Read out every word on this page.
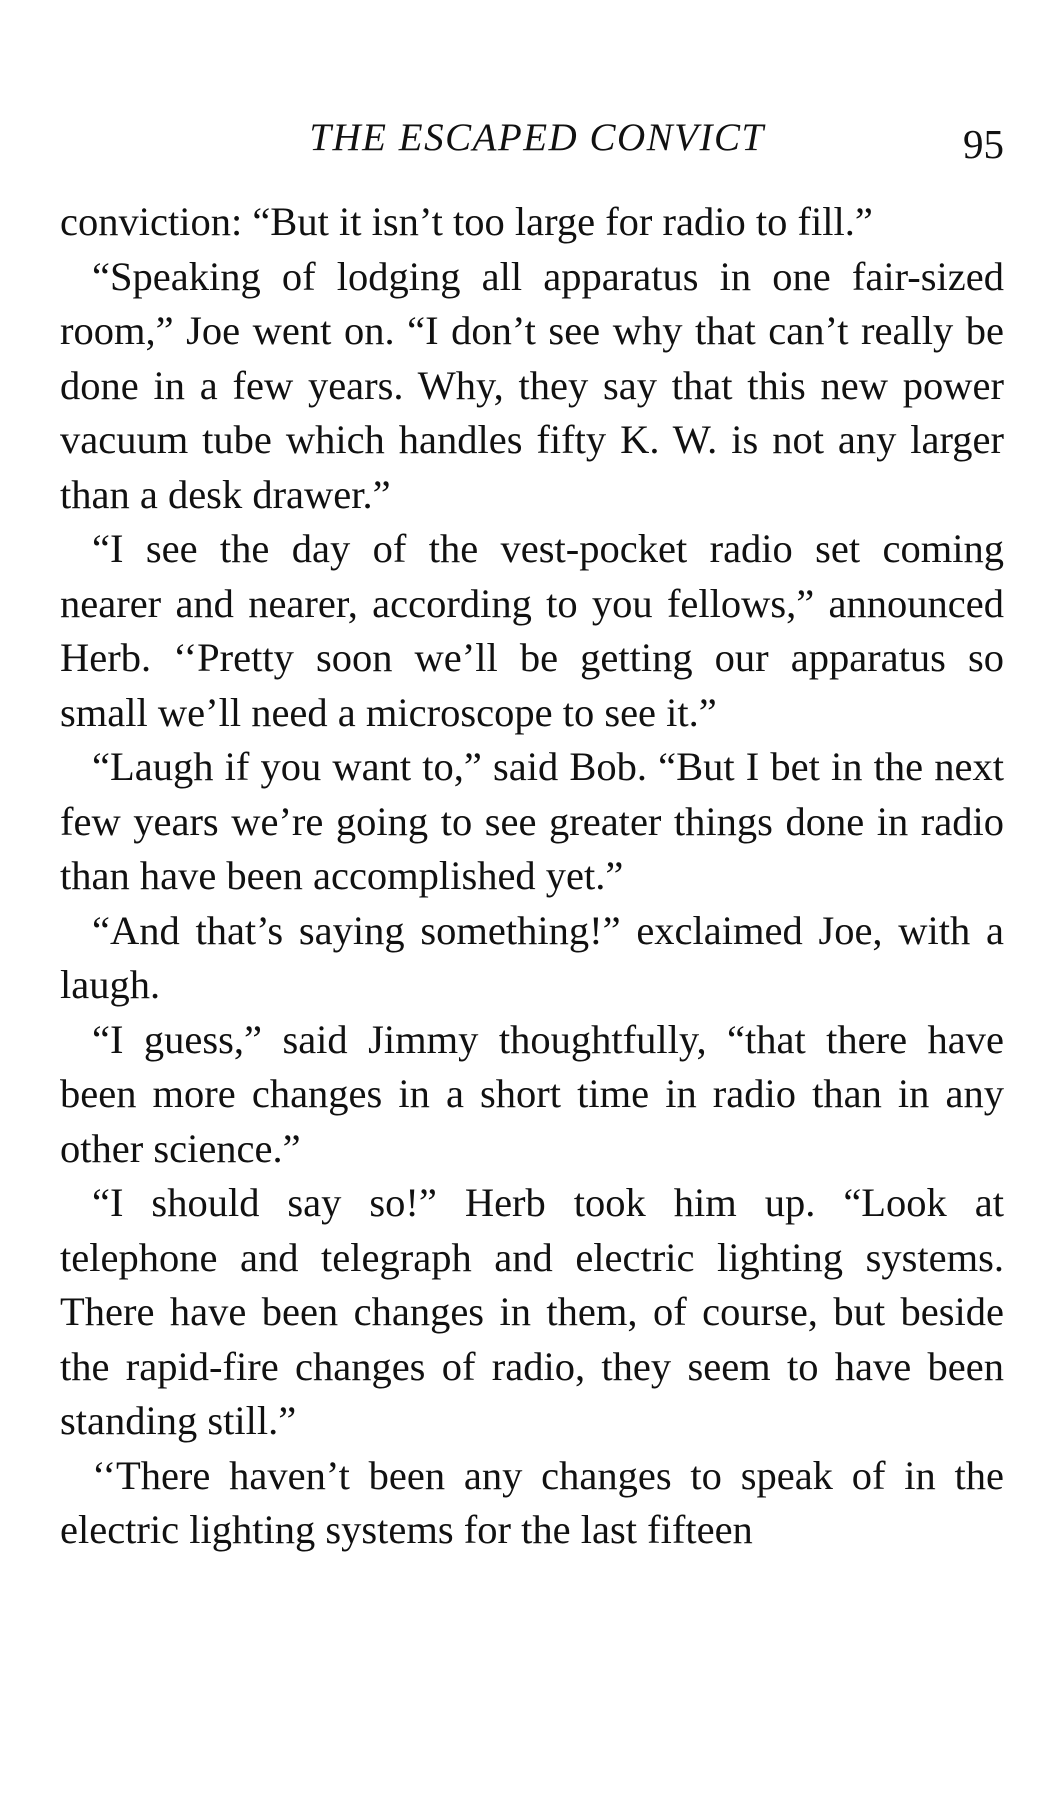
THE ESCAPED CONVICT	95

conviction: “But it isn’t too large for radio to fill.”

“Speaking of lodging all apparatus in one fair-sized room,” Joe went on. “I don’t see why that can’t really be done in a few years. Why, they say that this new power vacuum tube which handles fifty K. W. is not any larger than a desk drawer.”

“I see the day of the vest-pocket radio set coming nearer and nearer, according to you fellows,” announced Herb. ‘‘Pretty soon we’ll be getting our apparatus so small we’ll need a microscope to see it.”

“Laugh if you want to,” said Bob. “But I bet in the next few years we’re going to see greater things done in radio than have been accomplished yet.”

“And that’s saying something!” exclaimed Joe, with a laugh.

“I guess,” said Jimmy thoughtfully, “that there have been more changes in a short time in radio than in any other science.”

“I should say so!” Herb took him up. “Look at telephone and telegraph and electric lighting systems. There have been changes in them, of course, but beside the rapid-fire changes of radio, they seem to have been standing still.”

‘‘There haven’t been any changes to speak of in the electric lighting systems for the last fifteen
